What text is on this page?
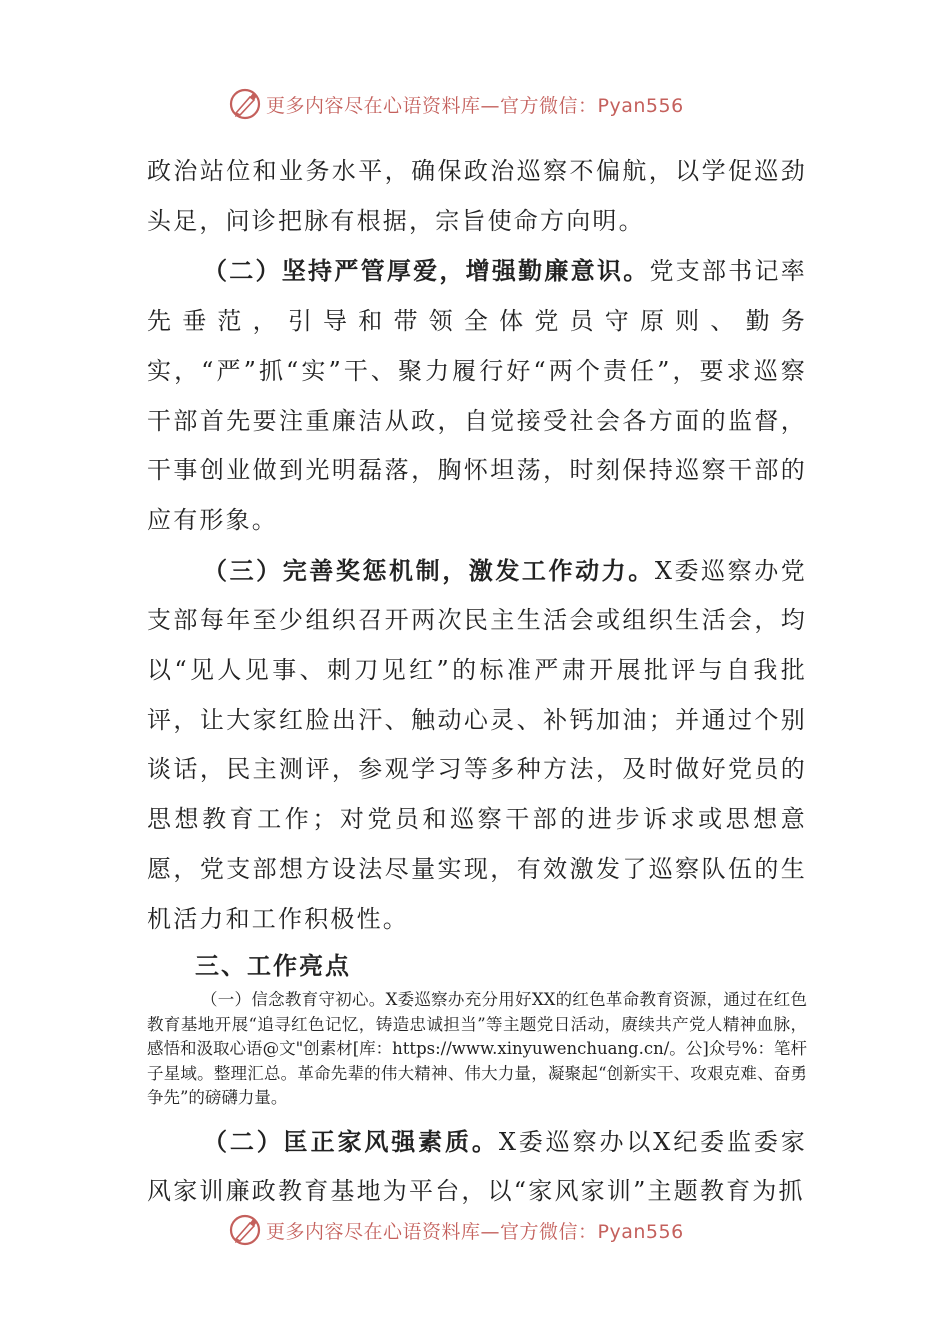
更多内容尽在心语资料库—官方微信：Pyan556

政治站位和业务水平，确保政治巡察不偏航，以学促巡劲头足，问诊把脉有根据，宗旨使命方向明。

（二）坚持严管厚爱，增强勤廉意识。党支部书记率先垂范，引导和带领全体党员守原则、勤务实，“严”抓“实”干、聚力履行好“两个责任”，要求巡察干部首先要注重廉洁从政，自觉接受社会各方面的监督，干事创业做到光明磊落，胸怀坦荡，时刻保持巡察干部的应有形象。

（三）完善奖惩机制，激发工作动力。X委巡察办党支部每年至少组织召开两次民主生活会或组织生活会，均以“见人见事、刺刀见红”的标准严肃开展批评与自我批评，让大家红脸出汗、触动心灵、补钙加油；并通过个别谈话，民主测评，参观学习等多种方法，及时做好党员的思想教育工作；对党员和巡察干部的进步诉求或思想意愿，党支部想方设法尽量实现，有效激发了巡察队伍的生机活力和工作积极性。

三、工作亮点

（一）信念教育守初心。X委巡察办充分用好XX的红色革命教育资源，通过在红色教育基地开展“追寻红色记忆，铸造忠诚担当”等主题党日活动，赓续共产党人精神血脉，感悟和汲取心语@文"创素材[库：https://www.xinyuwenchuang.cn/。公]众号%：笔杆子星域。整理汇总。革命先辈的伟大精神、伟大力量，凝聚起“创新实干、攻艰克难、奋勇争先”的磅礴力量。

（二）匡正家风强素质。X委巡察办以X纪委监委家风家训廉政教育基地为平台，以“家风家训”主题教育为抓

更多内容尽在心语资料库—官方微信：Pyan556
